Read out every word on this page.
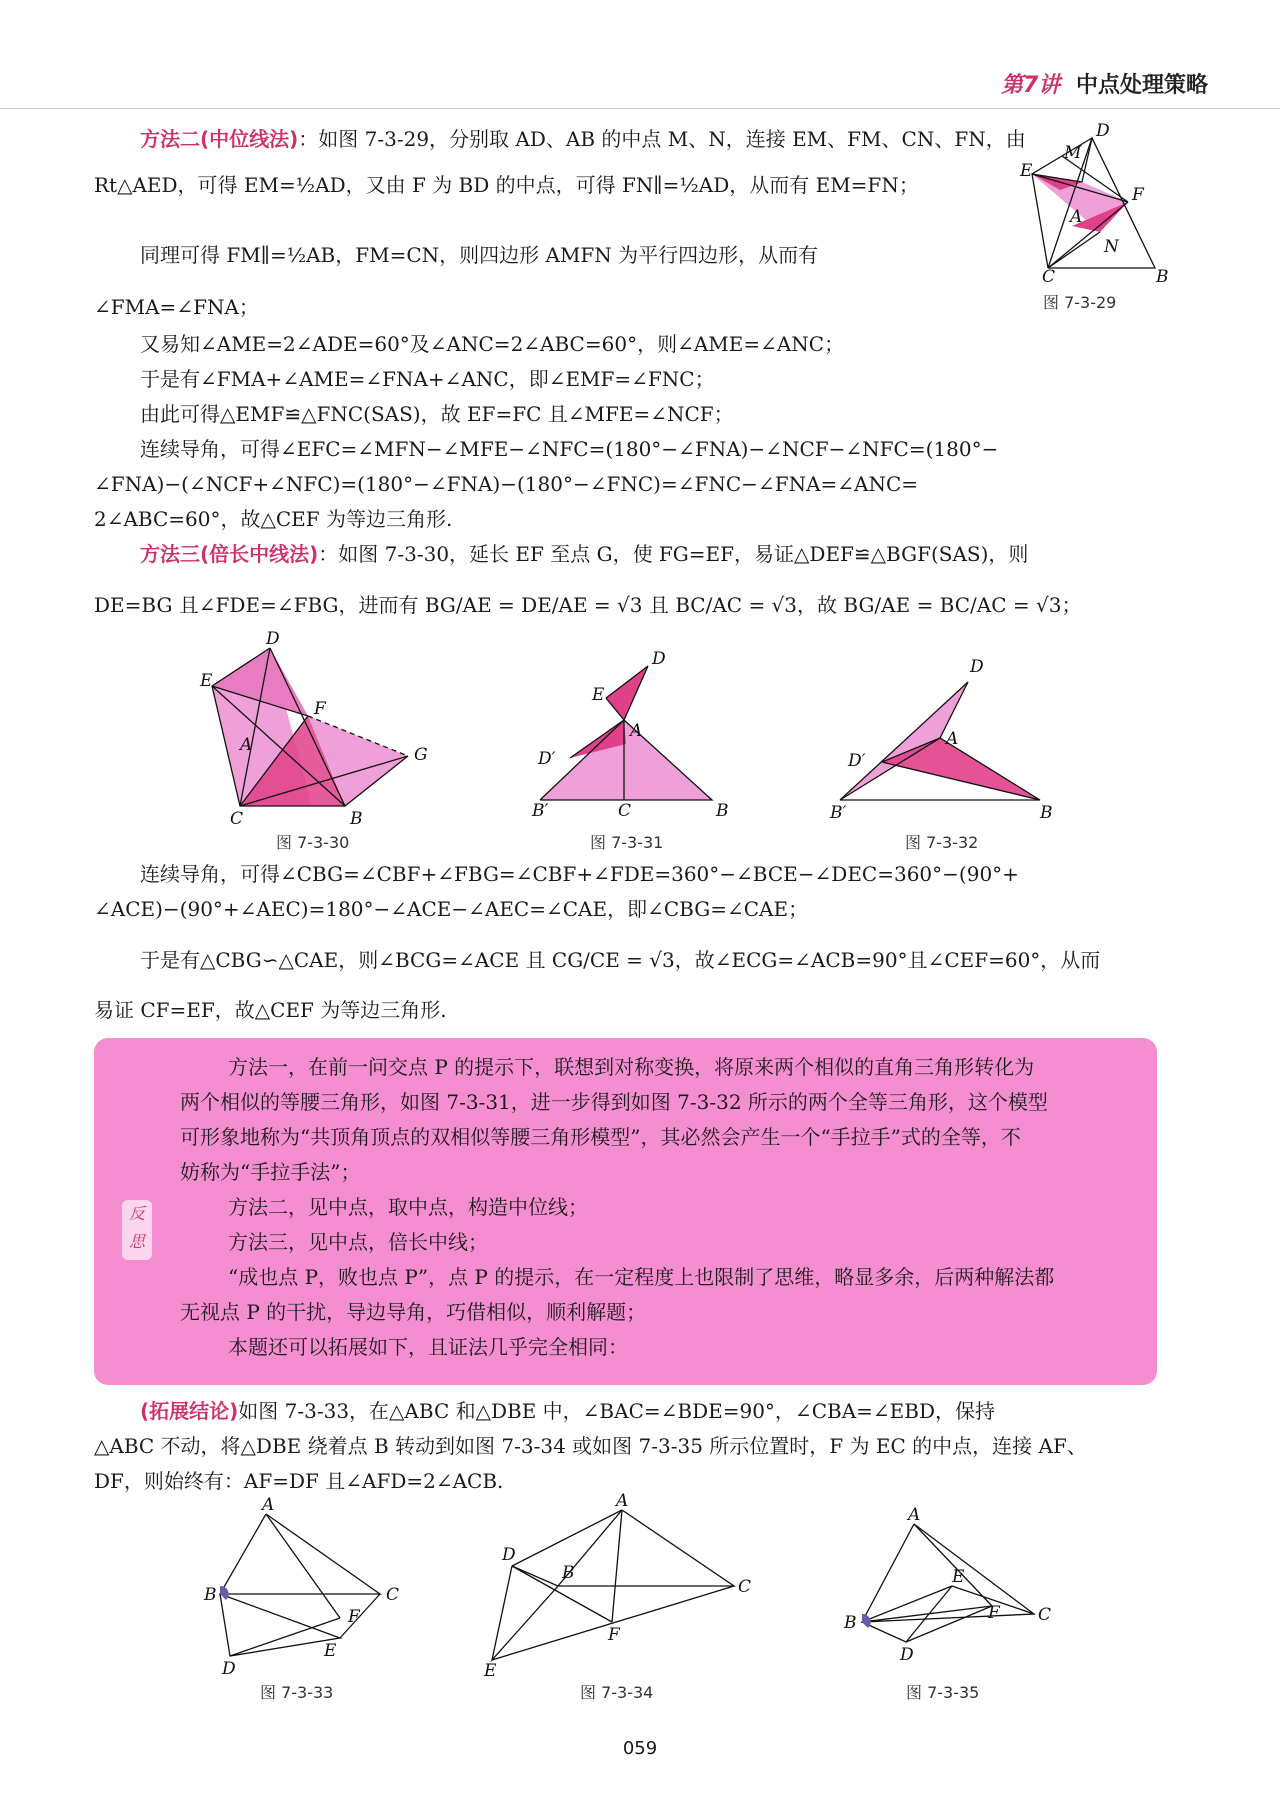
第7讲 中点处理策略
方法二(中位线法)：如图 7-3-29，分别取 AD、AB 的中点 M、N，连接 EM、FM、CN、FN，由
Rt△AED，可得 EM=½AD，又由 F 为 BD 的中点，可得 FN∥=½AD，从而有 EM=FN；
同理可得 FM∥=½AB，FM=CN，则四边形 AMFN 为平行四边形，从而有
∠FMA=∠FNA；
又易知∠AME=2∠ADE=60°及∠ANC=2∠ABC=60°，则∠AME=∠ANC；
于是有∠FMA+∠AME=∠FNA+∠ANC，即∠EMF=∠FNC；
由此可得△EMF≌△FNC(SAS)，故 EF=FC 且∠MFE=∠NCF；
连续导角，可得∠EFC=∠MFN−∠MFE−∠NFC=(180°−∠FNA)−∠NCF−∠NFC=(180°−
∠FNA)−(∠NCF+∠NFC)=(180°−∠FNA)−(180°−∠FNC)=∠FNC−∠FNA=∠ANC=
2∠ABC=60°，故△CEF 为等边三角形.
D
E
M
F
A
N
C	B
图 7-3-29
方法三(倍长中线法)：如图 7-3-30，延长 EF 至点 G，使 FG=EF，易证△DEF≌△BGF(SAS)，则
DE=BG 且∠FDE=∠FBG，进而有 BG/AE = DE/AE = √3 且 BC/AC = √3，故 BG/AE = BC/AC = √3；
D
E
F
G
A
C	B
图 7-3-30
D
E
A
D′
B′	C	B
图 7-3-31
D
A
D′
B′	B
图 7-3-32
连续导角，可得∠CBG=∠CBF+∠FBG=∠CBF+∠FDE=360°−∠BCE−∠DEC=360°−(90°+
∠ACE)−(90°+∠AEC)=180°−∠ACE−∠AEC=∠CAE，即∠CBG=∠CAE；
于是有△CBG∽△CAE，则∠BCG=∠ACE 且 CG/CE = √3，故∠ECG=∠ACB=90°且∠CEF=60°，从而
易证 CF=EF，故△CEF 为等边三角形.
反思
方法一，在前一问交点 P 的提示下，联想到对称变换，将原来两个相似的直角三角形转化为
两个相似的等腰三角形，如图 7-3-31，进一步得到如图 7-3-32 所示的两个全等三角形，这个模型
可形象地称为“共顶角顶点的双相似等腰三角形模型”，其必然会产生一个“手拉手”式的全等，不
妨称为“手拉手法”；
方法二，见中点，取中点，构造中位线；
方法三，见中点，倍长中线；
“成也点 P，败也点 P”，点 P 的提示，在一定程度上也限制了思维，略显多余，后两种解法都
无视点 P 的干扰，导边导角，巧借相似，顺利解题；
本题还可以拓展如下，且证法几乎完全相同：
(拓展结论)如图 7-3-33，在△ABC 和△DBE 中，∠BAC=∠BDE=90°，∠CBA=∠EBD，保持
△ABC 不动，将△DBE 绕着点 B 转动到如图 7-3-34 或如图 7-3-35 所示位置时，F 为 EC 的中点，连接 AF、
DF，则始终有：AF=DF 且∠AFD=2∠ACB.
A
B	C
F
E
D
图 7-3-33
A
D
B
C
F
E
图 7-3-34
A
B	C
E
F
D
图 7-3-35
059
